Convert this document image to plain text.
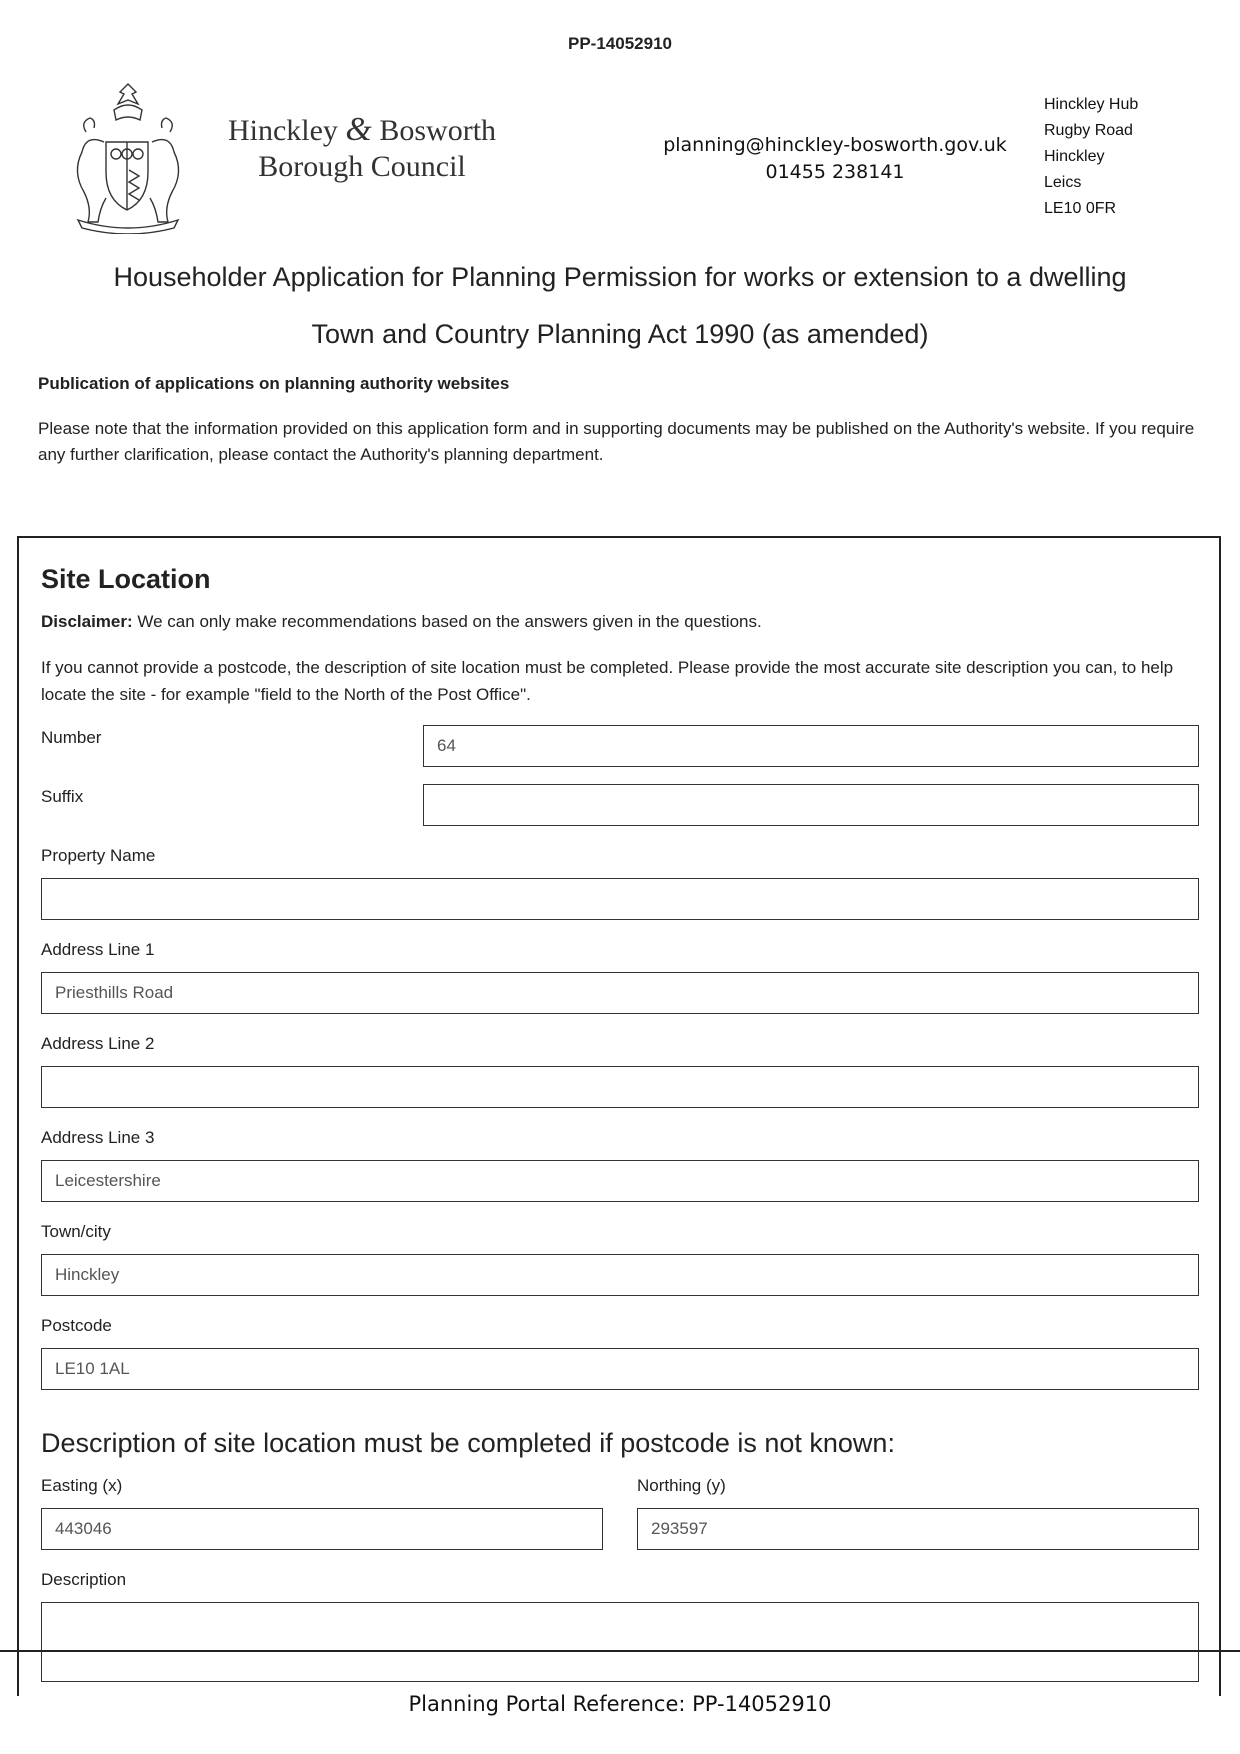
PP-14052910
Hinckley & Bosworth
Borough Council
planning@hinckley-bosworth.gov.uk
01455 238141
Hinckley Hub
Rugby Road
Hinckley
Leics
LE10 0FR
Householder Application for Planning Permission for works or extension to a dwelling
Town and Country Planning Act 1990 (as amended)
Publication of applications on planning authority websites
Please note that the information provided on this application form and in supporting documents may be published on the Authority's website. If you require any further clarification, please contact the Authority's planning department.
Site Location
Disclaimer: We can only make recommendations based on the answers given in the questions.
If you cannot provide a postcode, the description of site location must be completed. Please provide the most accurate site description you can, to help locate the site - for example "field to the North of the Post Office".
Number	64
Suffix
Property Name
Address Line 1
Priesthills Road
Address Line 2
Address Line 3
Leicestershire
Town/city
Hinckley
Postcode
LE10 1AL
Description of site location must be completed if postcode is not known:
Easting (x)
443046
Northing (y)
293597
Description
Planning Portal Reference: PP-14052910
